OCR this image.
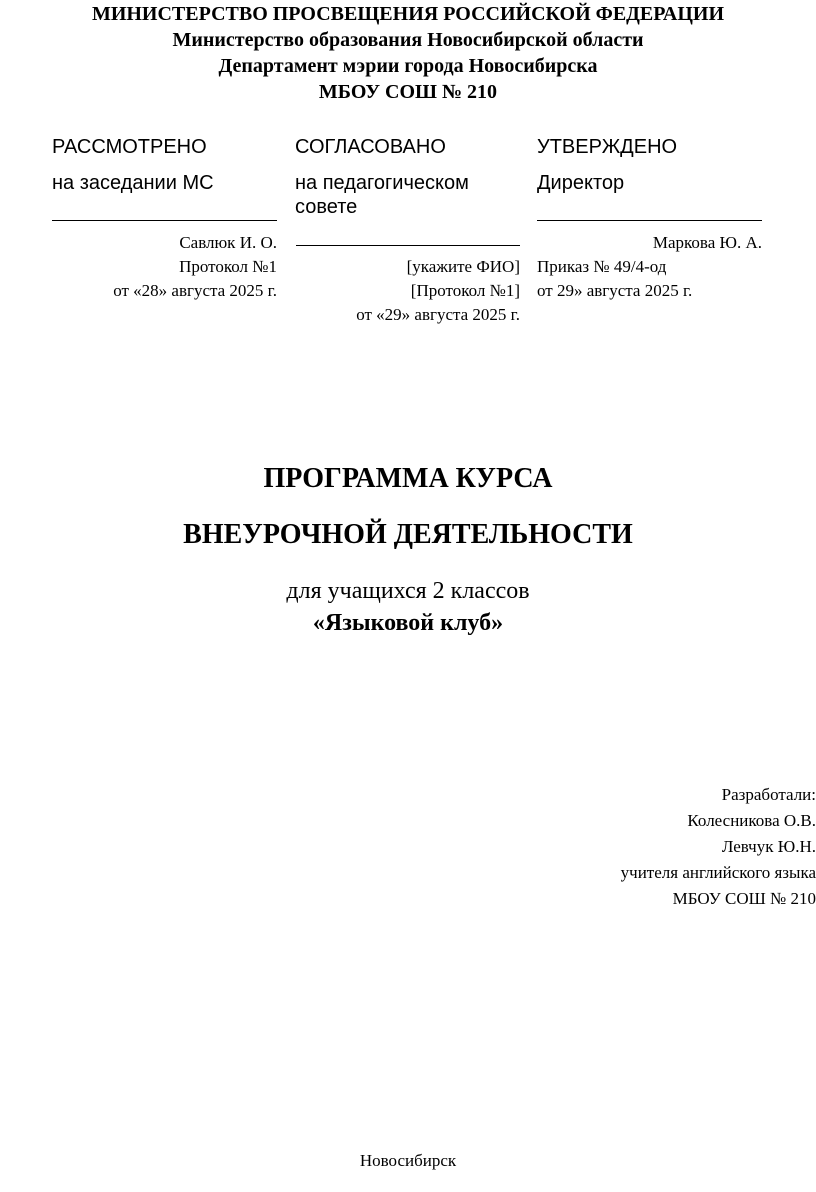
МИНИСТЕРСТВО ПРОСВЕЩЕНИЯ РОССИЙСКОЙ ФЕДЕРАЦИИ
Министерство образования Новосибирской области
Департамент мэрии города Новосибирска
МБОУ СОШ № 210
РАССМОТРЕНО
на заседании МС
Савлюк И. О.
Протокол №1
от «28» августа 2025 г.
СОГЛАСОВАНО
на педагогическом
совете
[укажите ФИО]
[Протокол №1]
от «29» августа 2025 г.
УТВЕРЖДЕНО
Директор
Маркова Ю. А.
Приказ № 49/4-од
от 29» августа 2025 г.
ПРОГРАММА КУРСА
ВНЕУРОЧНОЙ ДЕЯТЕЛЬНОСТИ
для учащихся 2 классов
«Языковой клуб»
Разработали:
Колесникова О.В.
Левчук Ю.Н.
учителя английского языка
МБОУ СОШ № 210
Новосибирск
